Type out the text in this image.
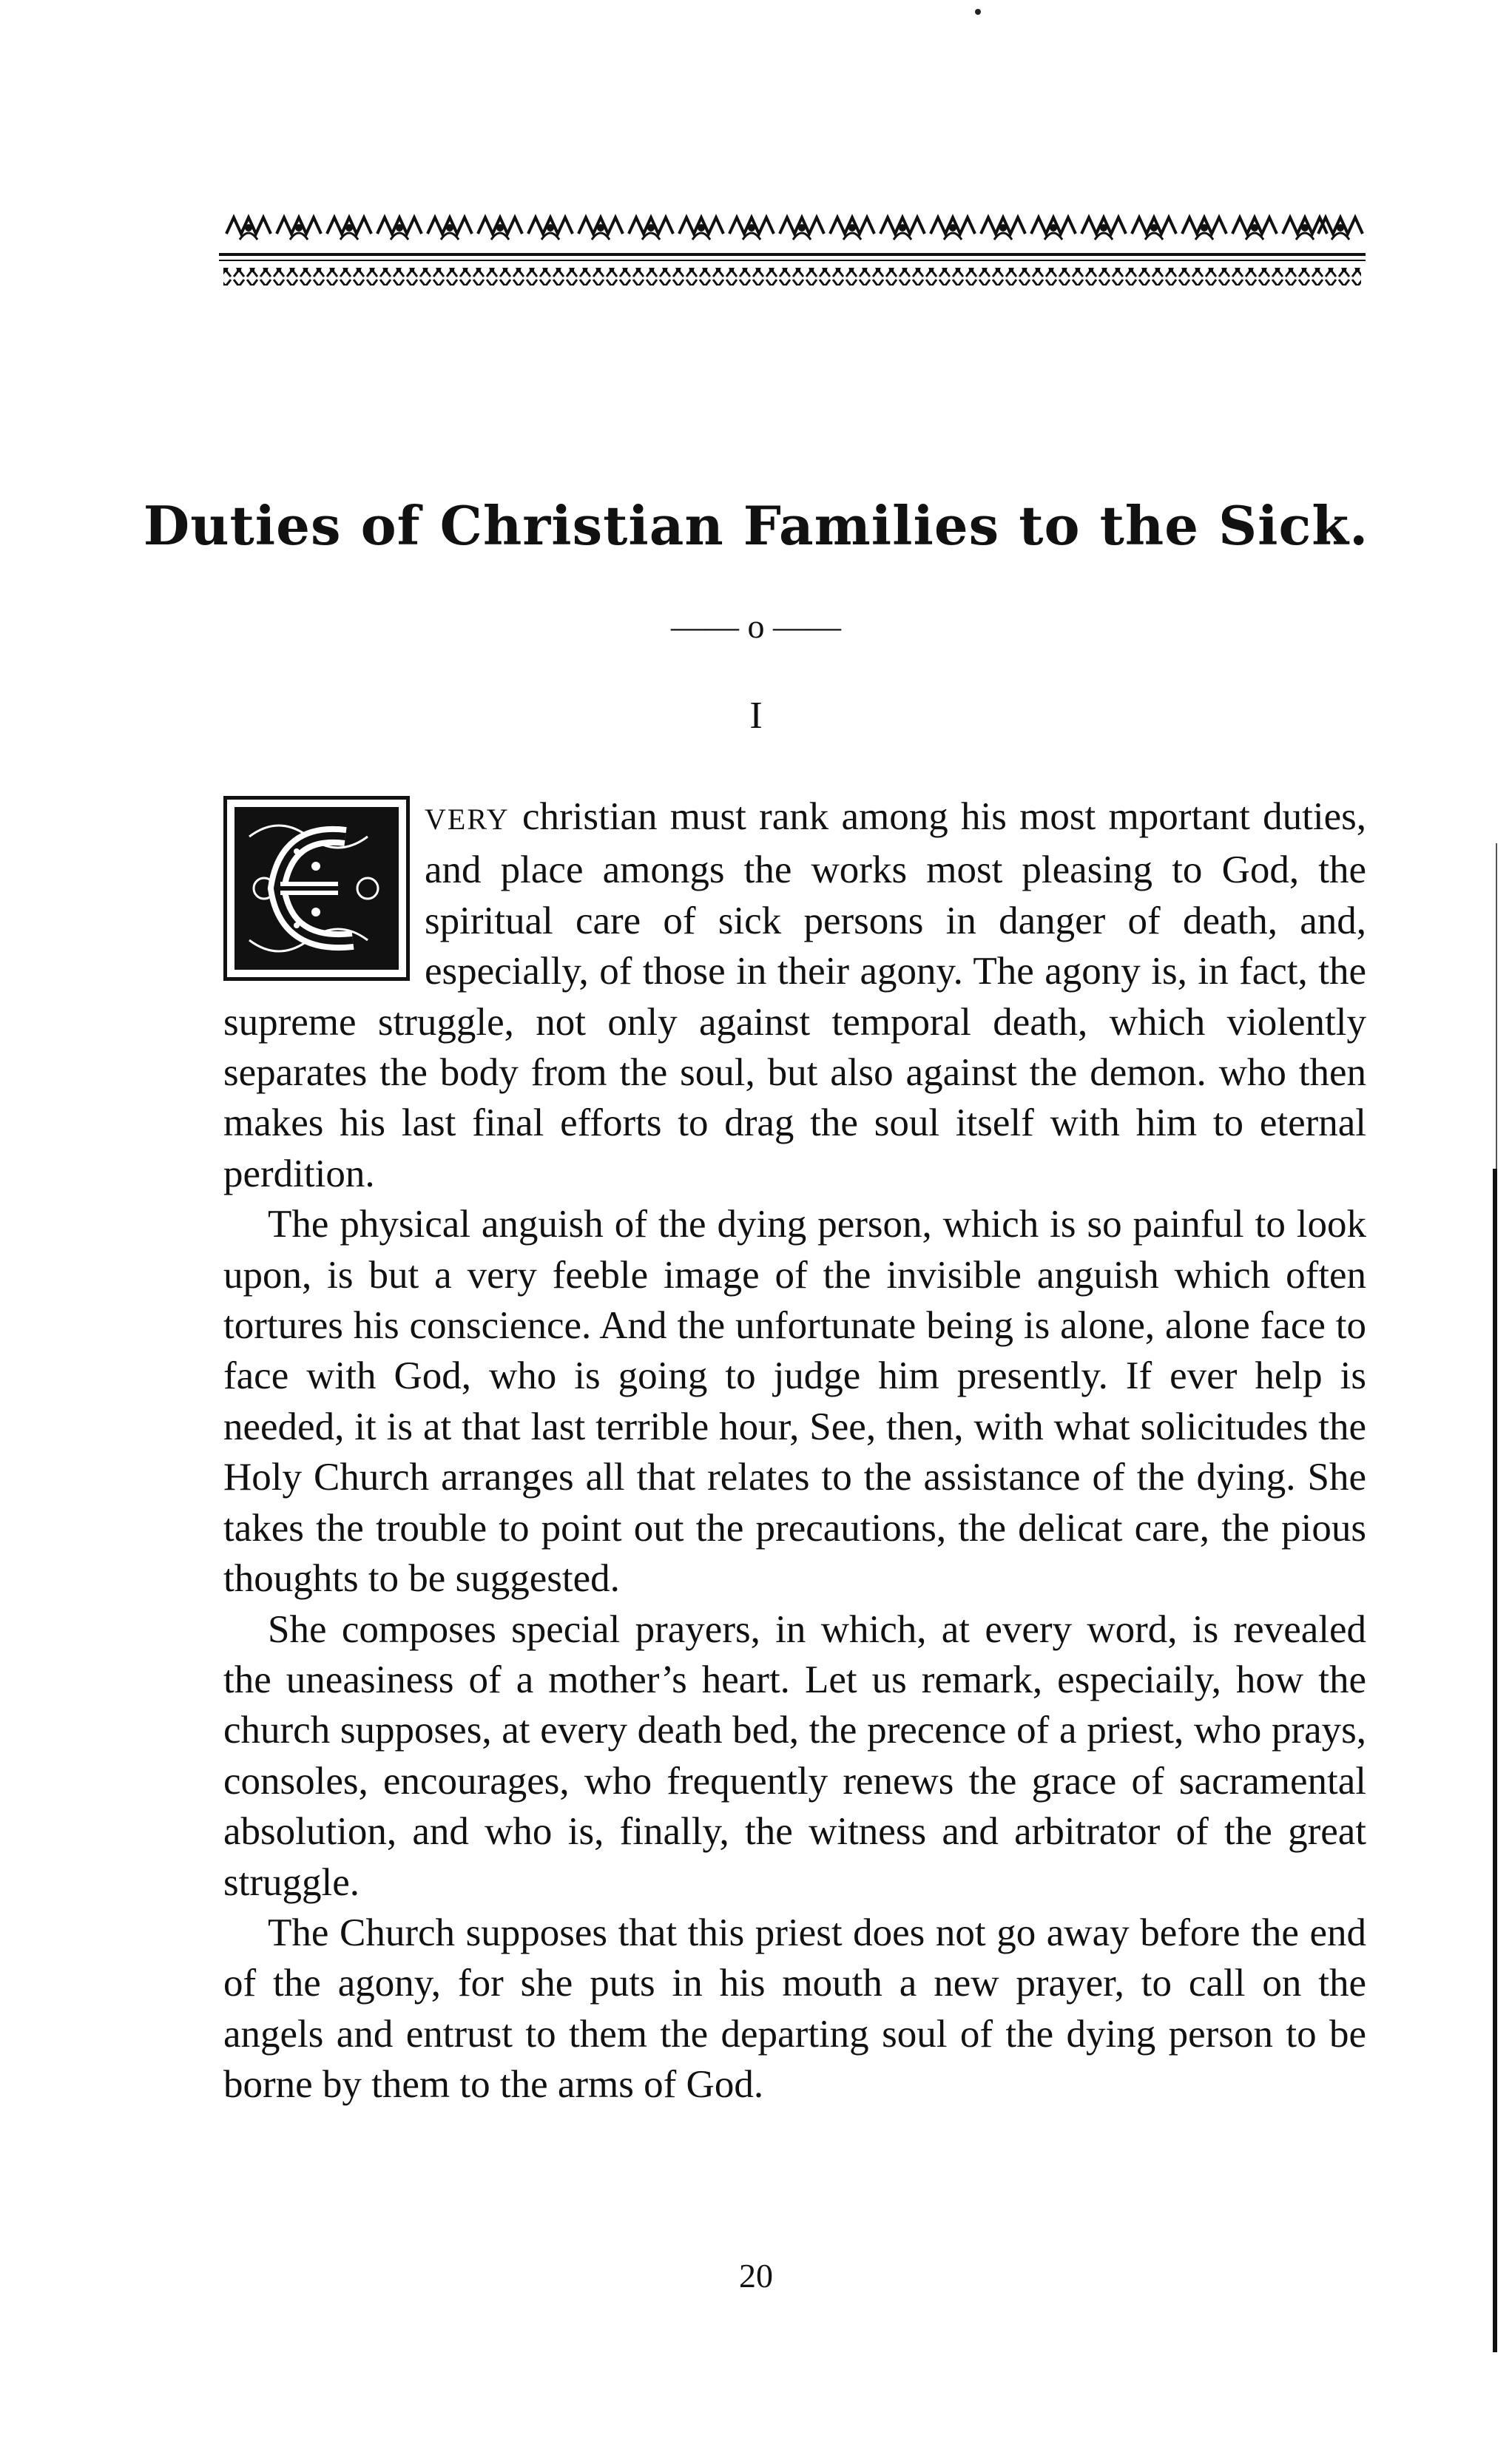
Duties of Christian Families to the Sick.
—— o ——
I

VERY christian must rank among his most mportant duties, and place amongs the works most pleasing to God, the spiritual care of sick persons in danger of death, and, especially, of those in their agony. The agony is, in fact, the supreme struggle, not only against temporal death, which violently separates the body from the soul, but also against the demon. who then makes his last final efforts to drag the soul itself with him to eternal perdition.

The physical anguish of the dying person, which is so painful to look upon, is but a very feeble image of the invisible anguish which often tortures his conscience. And the unfortunate being is alone, alone face to face with God, who is going to judge him presently. If ever help is needed, it is at that last terrible hour, See, then, with what solicitudes the Holy Church arranges all that relates to the assistance of the dying. She takes the trouble to point out the precautions, the delicat care, the pious thoughts to be suggested.

She composes special prayers, in which, at every word, is revealed the uneasiness of a mother’s heart. Let us remark, especiaily, how the church supposes, at every death bed, the precence of a priest, who prays, consoles, encourages, who frequently renews the grace of sacramental absolution, and who is, finally, the witness and arbitrator of the great struggle.

The Church supposes that this priest does not go away before the end of the agony, for she puts in his mouth a new prayer, to call on the angels and entrust to them the departing soul of the dying person to be borne by them to the arms of God.

20
